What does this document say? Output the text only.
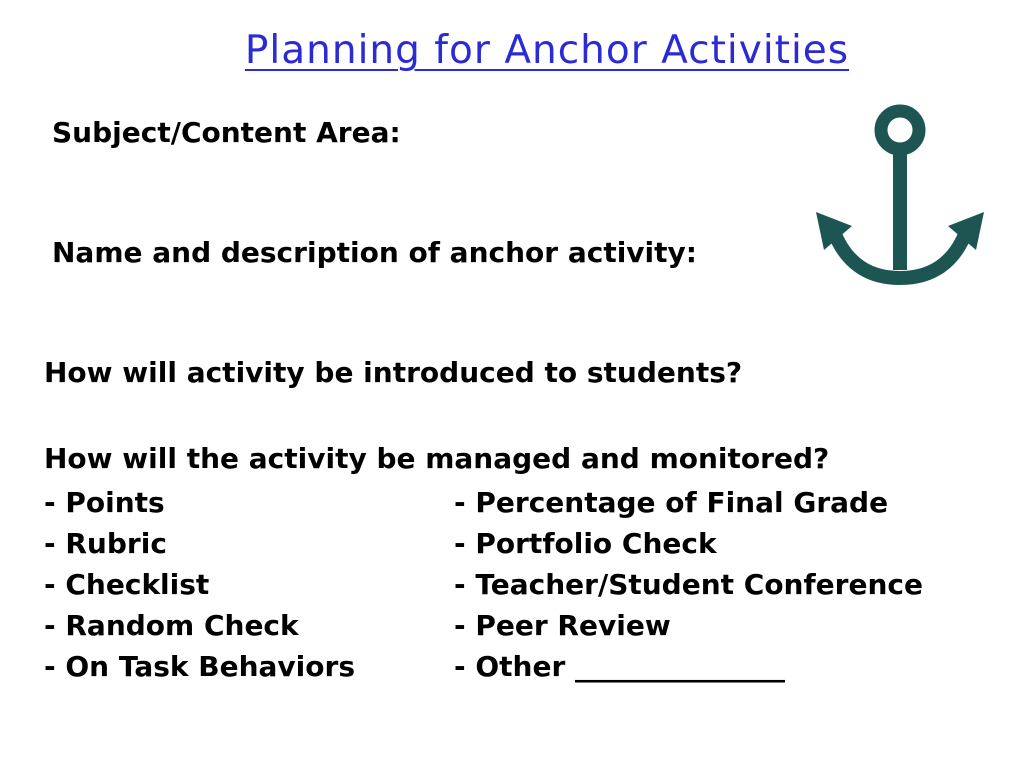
Planning for Anchor Activities
Subject/Content Area:
Name and description of anchor activity:
How will activity be introduced to students?
How will the activity be managed and monitored?
- Points
- Rubric
- Checklist
- Random Check
- On Task Behaviors
- Percentage of Final Grade
- Portfolio Check
- Teacher/Student Conference
- Peer Review
- Other _______________
